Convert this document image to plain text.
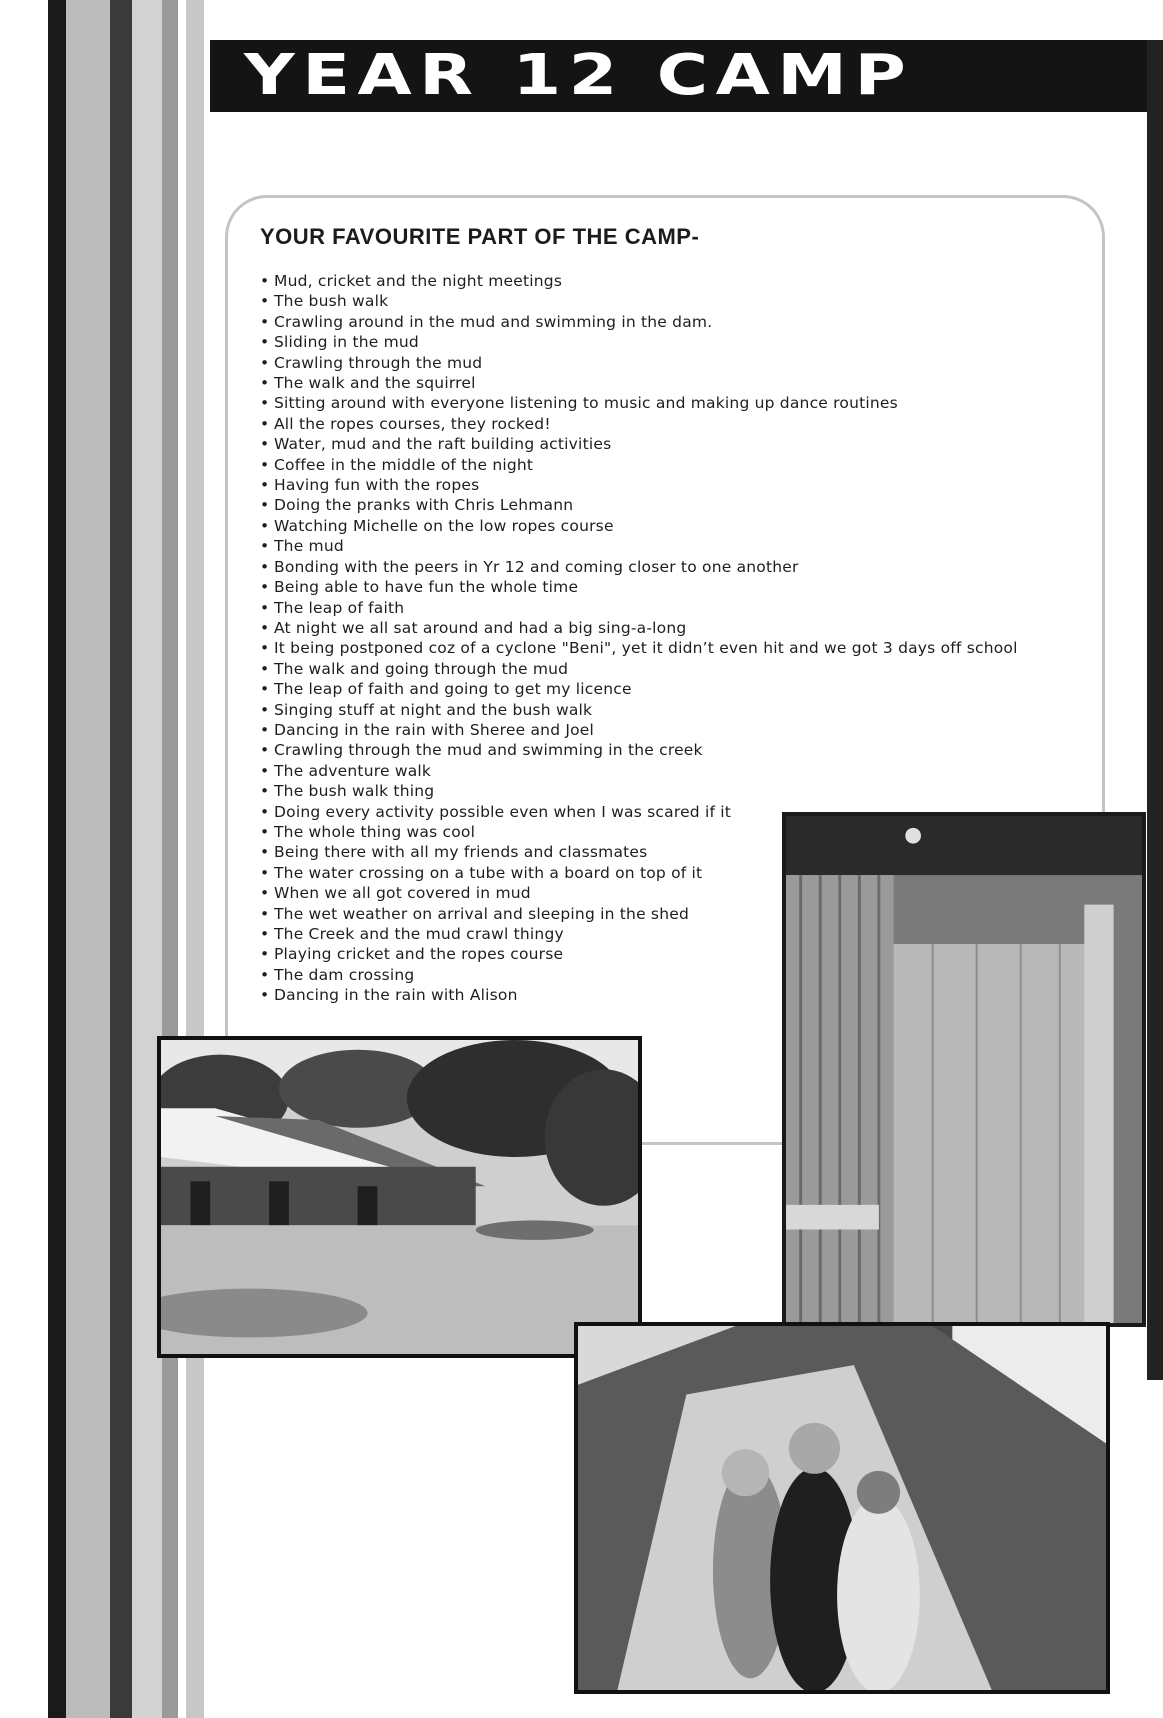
YEAR 12 CAMP
YOUR FAVOURITE PART OF THE CAMP-
• Mud, cricket and the night meetings
• The bush walk
• Crawling around in the mud and swimming in the dam.
• Sliding in the mud
• Crawling through the mud
• The walk and the squirrel
• Sitting around with everyone listening to music and making up dance routines
• All the ropes courses, they rocked!
• Water, mud and the raft building activities
• Coffee in the middle of the night
• Having fun with the ropes
• Doing the pranks with Chris Lehmann
• Watching Michelle on the low ropes course
• The mud
• Bonding with the peers in Yr 12 and coming closer to one another
• Being able to have fun the whole time
• The leap of faith
• At night we all sat around and had a big sing-a-long
• It being postponed coz of a cyclone "Beni", yet it didn’t even hit and we got 3 days off school
• The walk and going through the mud
• The leap of faith and going to get my licence
• Singing stuff at night and the bush walk
• Dancing in the rain with Sheree and Joel
• Crawling through the mud and swimming in the creek
• The adventure walk
• The bush walk thing
• Doing every activity possible even when I was scared if it
• The whole thing was cool
• Being there with all my friends and classmates
• The water crossing on a tube with a board on top of it
• When we all got covered in mud
• The wet weather on arrival and sleeping in the shed
• The Creek and the mud crawl thingy
• Playing cricket and the ropes course
• The dam crossing
• Dancing in the rain with Alison
